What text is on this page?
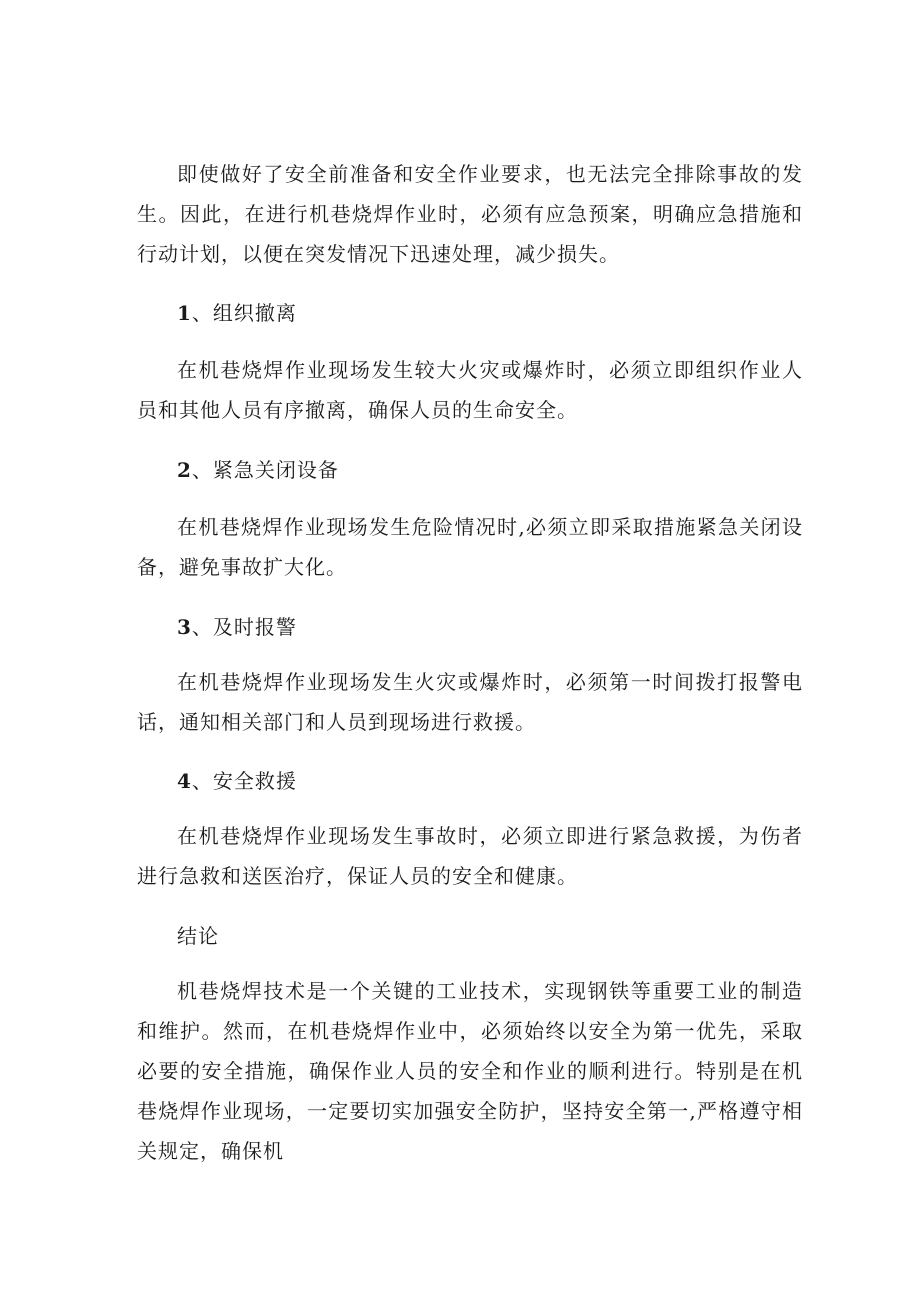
即使做好了安全前准备和安全作业要求，也无法完全排除事故的发生。因此，在进行机巷烧焊作业时，必须有应急预案，明确应急措施和行动计划，以便在突发情况下迅速处理，减少损失。

1、组织撤离

在机巷烧焊作业现场发生较大火灾或爆炸时，必须立即组织作业人员和其他人员有序撤离，确保人员的生命安全。

2、紧急关闭设备

在机巷烧焊作业现场发生危险情况时,必须立即采取措施紧急关闭设备，避免事故扩大化。

3、及时报警

在机巷烧焊作业现场发生火灾或爆炸时，必须第一时间拨打报警电话，通知相关部门和人员到现场进行救援。

4、安全救援

在机巷烧焊作业现场发生事故时，必须立即进行紧急救援，为伤者进行急救和送医治疗，保证人员的安全和健康。

结论

机巷烧焊技术是一个关键的工业技术，实现钢铁等重要工业的制造和维护。然而，在机巷烧焊作业中，必须始终以安全为第一优先，采取必要的安全措施，确保作业人员的安全和作业的顺利进行。特别是在机巷烧焊作业现场，一定要切实加强安全防护，坚持安全第一,严格遵守相关规定，确保机
